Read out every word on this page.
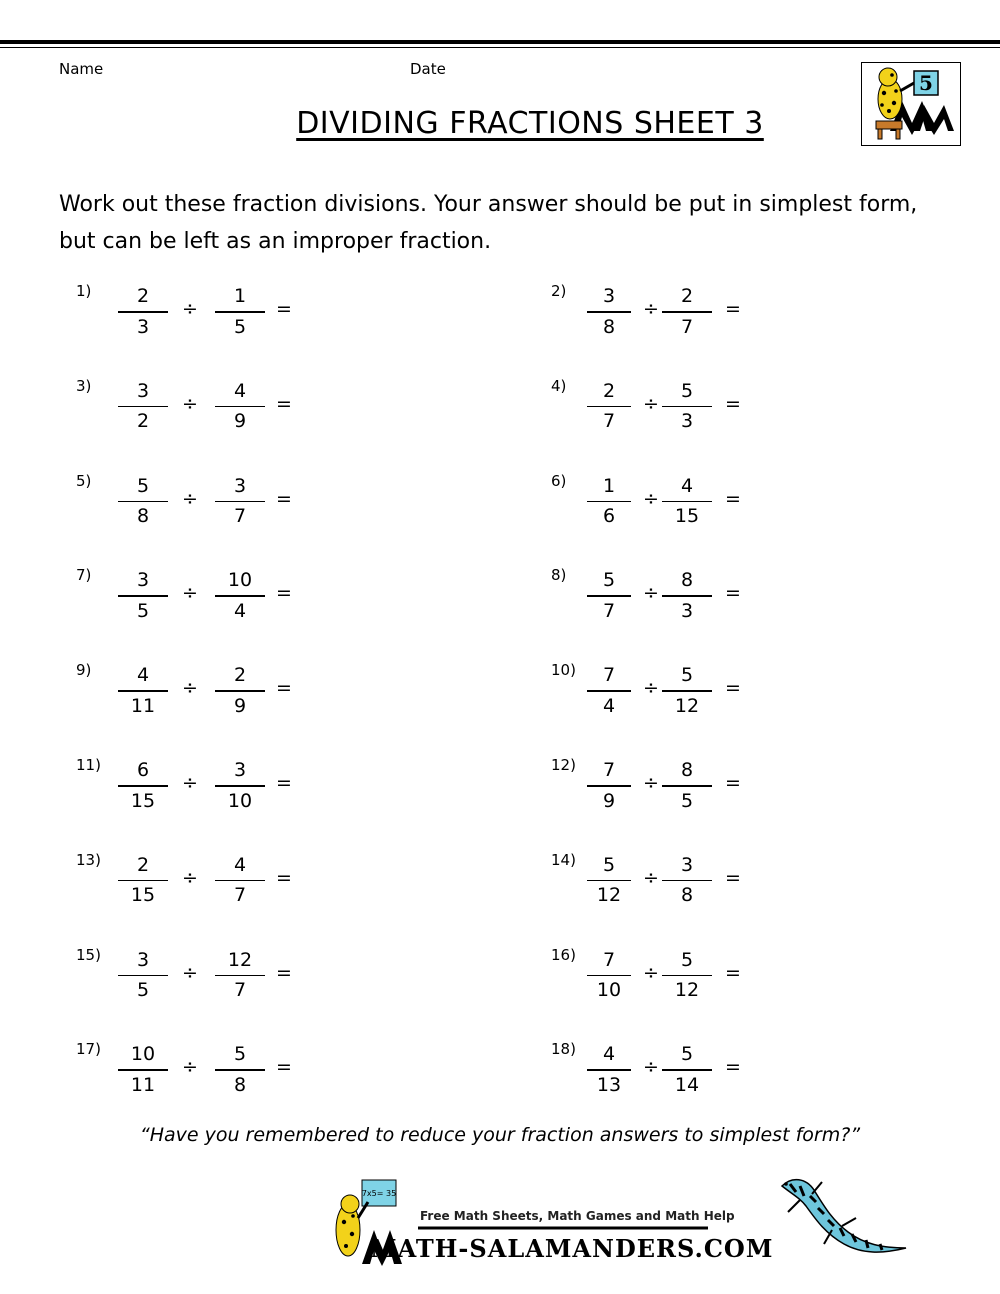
Name	Date
DIVIDING FRACTIONS SHEET 3
5
Work out these fraction divisions. Your answer should be put in simplest form, but can be left as an improper fraction.
1)	2
3
÷
1
5
=
2)	3
8
÷
2
7
=
3)	3
2
÷
4
9
=
4)	2
7
÷
5
3
=
5)	5
8
÷
3
7
=
6)	1
6
÷
4
15
=
7)	3
5
÷
10
4
=
8)	5
7
÷
8
3
=
9)	4
11
÷
2
9
=
10)	7
4
÷
5
12
=
11)	6
15
÷
3
10
=
12)	7
9
÷
8
5
=
13)	2
15
÷
4
7
=
14)	5
12
÷
3
8
=
15)	3
5
÷
12
7
=
16)	7
10
÷
5
12
=
17)	10
11
÷
5
8
=
18)	4
13
÷
5
14
=
“Have you remembered to reduce your fraction answers to simplest form?”
7x5= 35
Free Math Sheets, Math Games and Math Help
MATH-SALAMANDERS.COM
